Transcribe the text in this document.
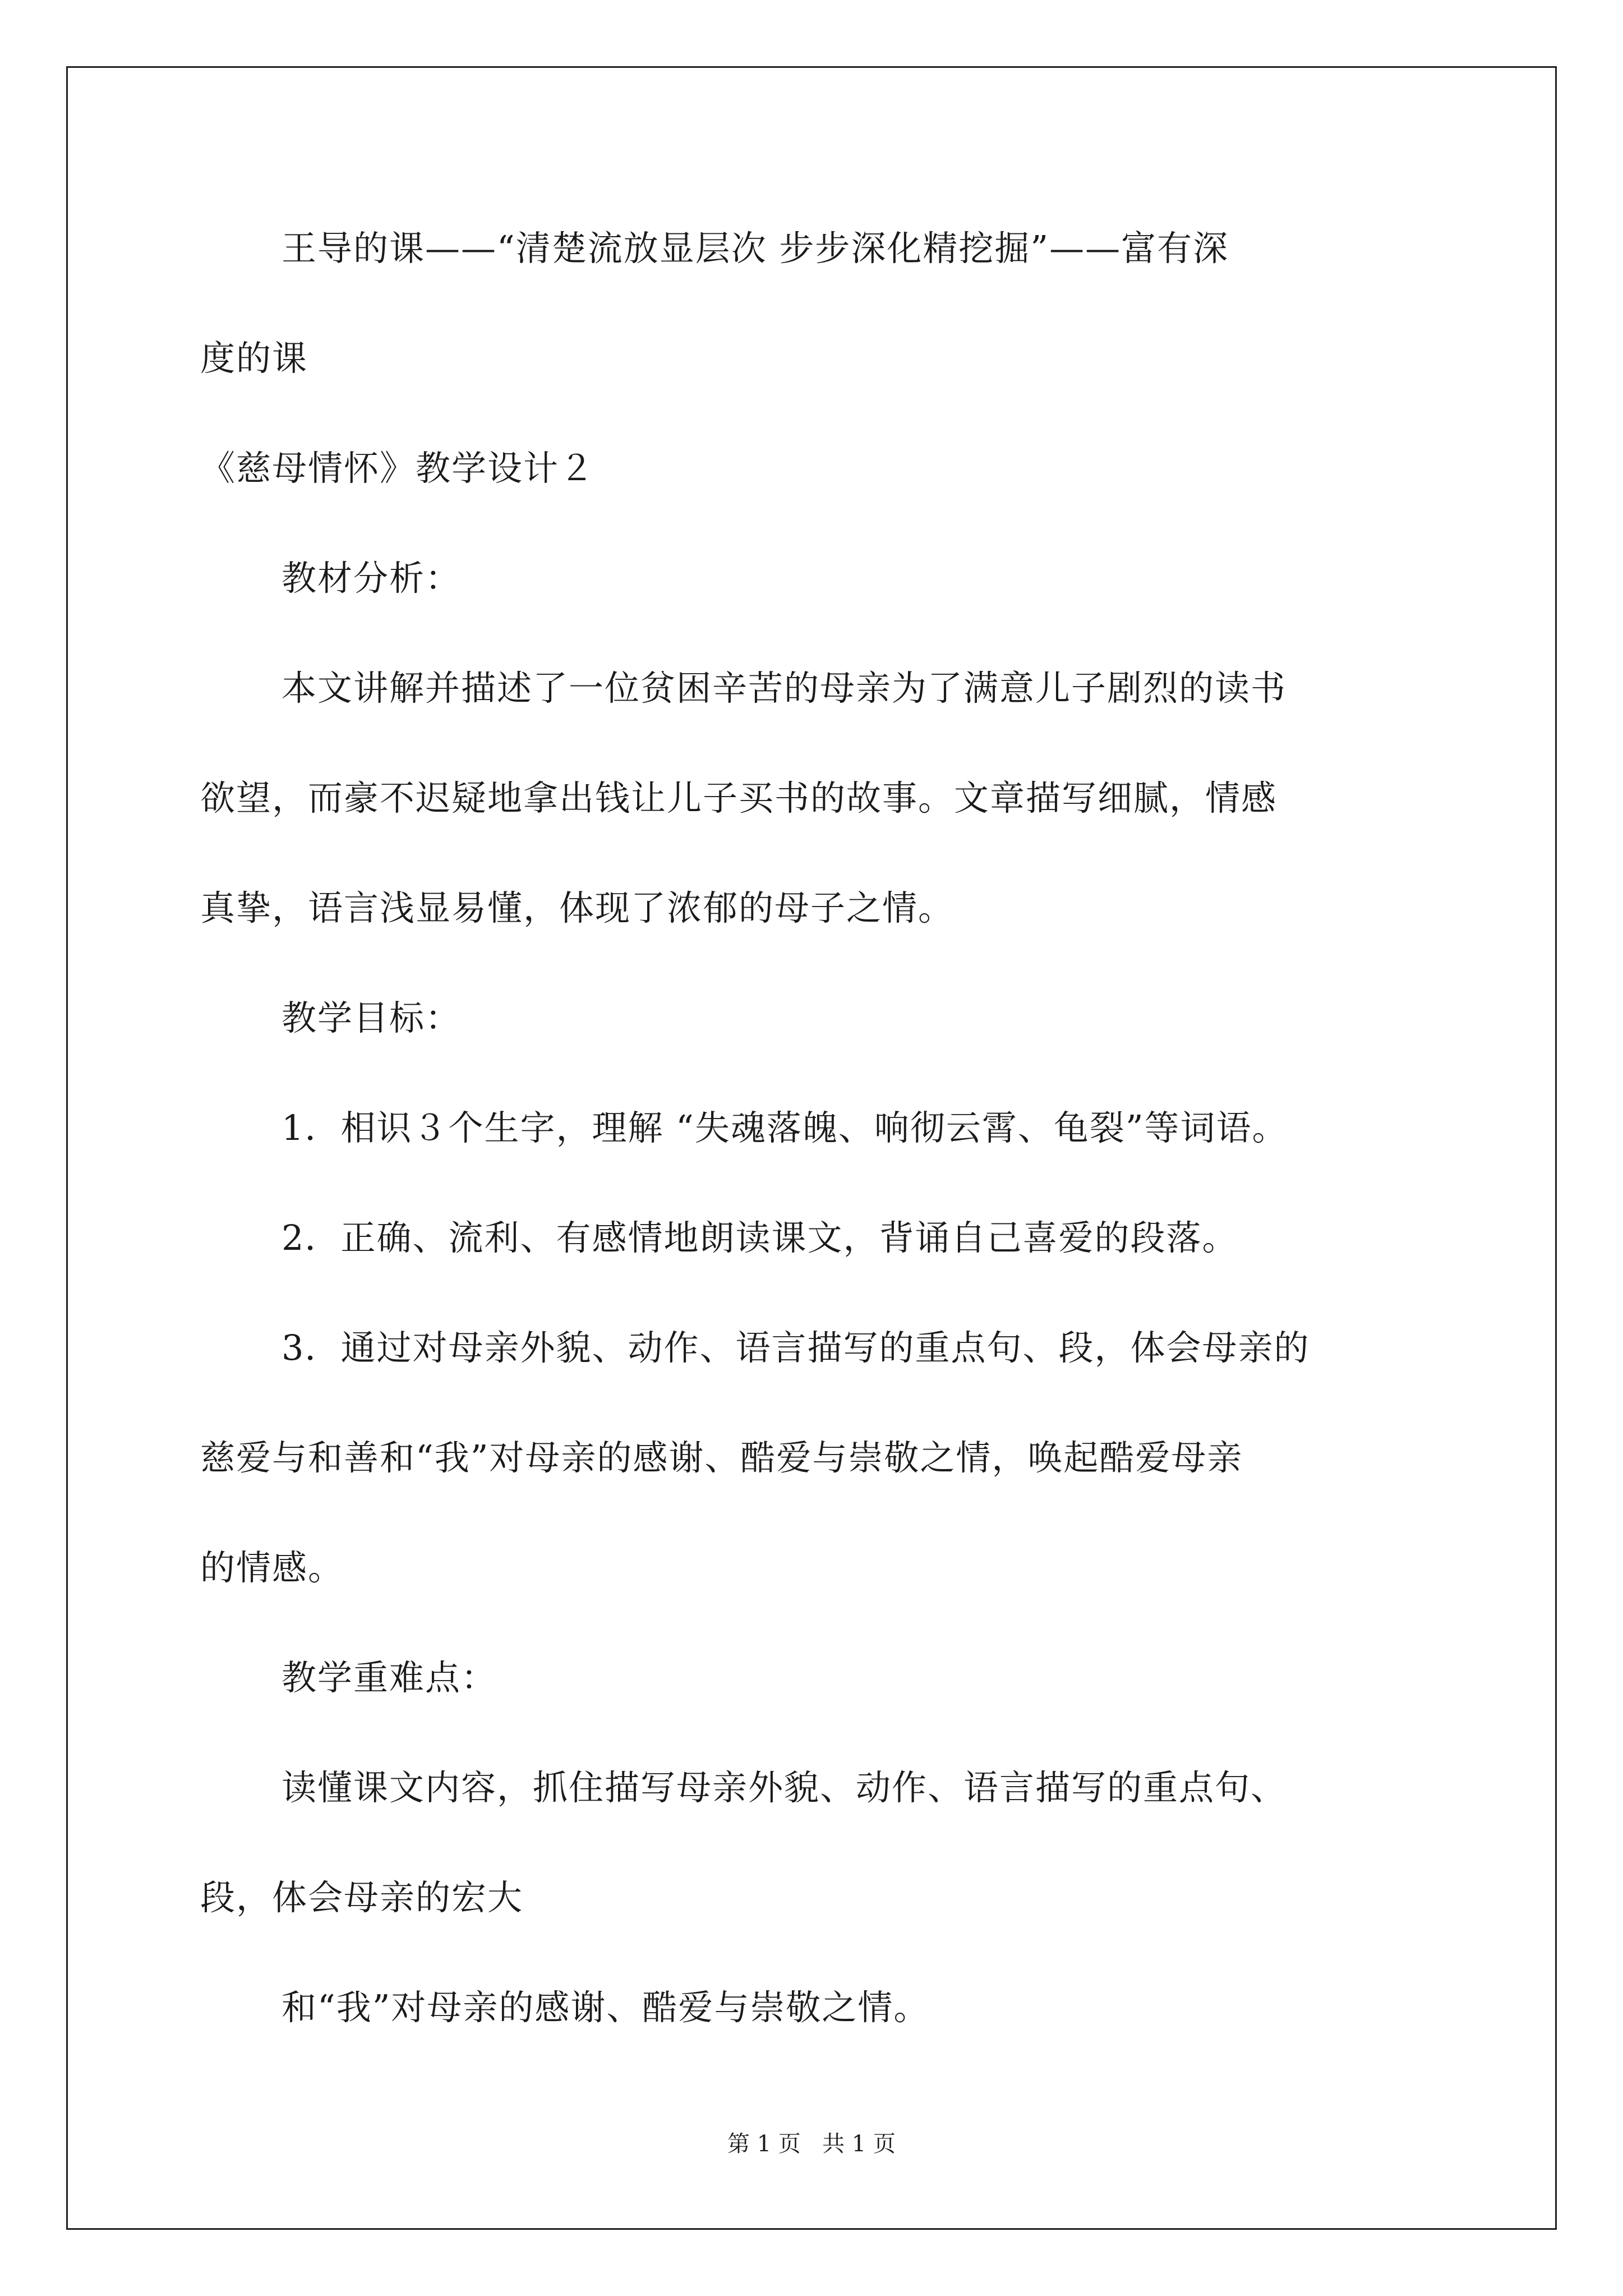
王导的课——“清楚流放显层次 步步深化精挖掘”——富有深
度的课
《慈母情怀》教学设计２
教材分析：
本文讲解并描述了一位贫困辛苦的母亲为了满意儿子剧烈的读书
欲望，而豪不迟疑地拿出钱让儿子买书的故事。文章描写细腻，情感
真挚，语言浅显易懂，体现了浓郁的母子之情。
教学目标：
1．相识３个生字，理解 “失魂落魄、响彻云霄、龟裂”等词语。
2．正确、流利、有感情地朗读课文，背诵自己喜爱的段落。
3．通过对母亲外貌、动作、语言描写的重点句、段，体会母亲的
慈爱与和善和“我”对母亲的感谢、酷爱与崇敬之情，唤起酷爱母亲
的情感。
教学重难点：
读懂课文内容，抓住描写母亲外貌、动作、语言描写的重点句、
段，体会母亲的宏大
和“我”对母亲的感谢、酷爱与崇敬之情。
第 1 页   共 1 页
